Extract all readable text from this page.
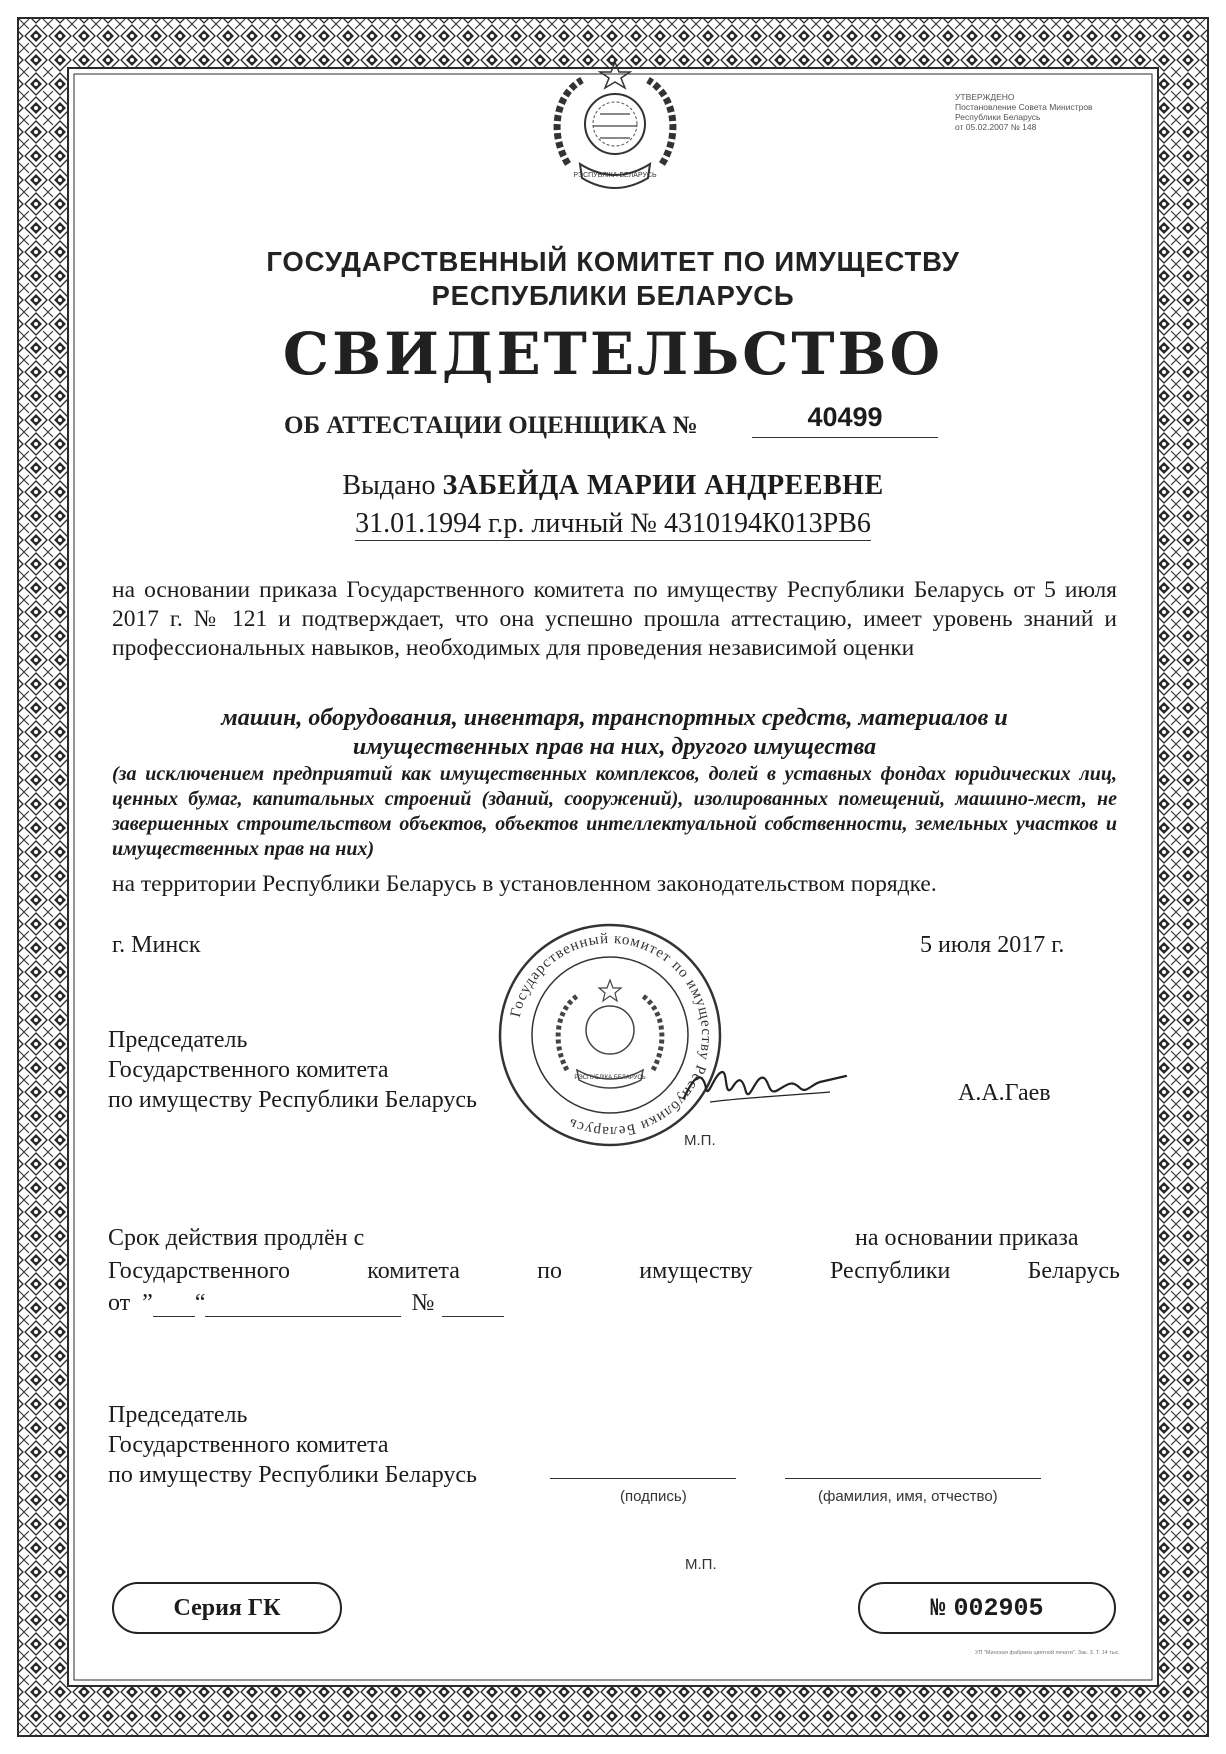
УТВЕРЖДЕНО
Постановление Совета Министров
Республики Беларусь
от 05.02.2007 № 148
РЭСПУБЛІКА БЕЛАРУСЬ
ГОСУДАРСТВЕННЫЙ КОМИТЕТ ПО ИМУЩЕСТВУ
РЕСПУБЛИКИ БЕЛАРУСЬ
СВИДЕТЕЛЬСТВО
ОБ АТТЕСТАЦИИ ОЦЕНЩИКА №	40499
Выдано ЗАБЕЙДА МАРИИ АНДРЕЕВНЕ
31.01.1994 г.р. личный № 4310194К013РВ6
на основании приказа Государственного комитета по имуществу Республики Беларусь от 5 июля 2017 г. № 121 и подтверждает, что она успешно прошла аттестацию, имеет уровень знаний и профессиональных навыков, необходимых для проведения независимой оценки
машин, оборудования, инвентаря, транспортных средств, материалов и
имущественных прав на них, другого имущества
(за исключением предприятий как имущественных комплексов, долей в уставных фондах юридических лиц, ценных бумаг, капитальных строений (зданий, сооружений), изолированных помещений, машино-мест, не завершенных строительством объектов, объектов интеллектуальной собственности, земельных участков и имущественных прав на них)
на территории Республики Беларусь в установленном законодательством порядке.
г. Минск	5 июля 2017 г.
Председатель
Государственного комитета
по имуществу Республики Беларусь	А.А.Гаев
Государственный комитет по имуществу Республики Беларусь
РЭСПУБЛІКА БЕЛАРУСЬ
М.П.
Срок действия продлён с	на основании приказа
Государственного	комитета	по	имуществу	Республики	Беларусь
от ” “	№
Председатель
Государственного комитета
по имуществу Республики Беларусь
(подпись)	(фамилия, имя, отчество)
М.П.
Серия ГК	№ 002905
УП "Минская фабрика цветной печати". Зак. 3. Т. 14 тыс.
